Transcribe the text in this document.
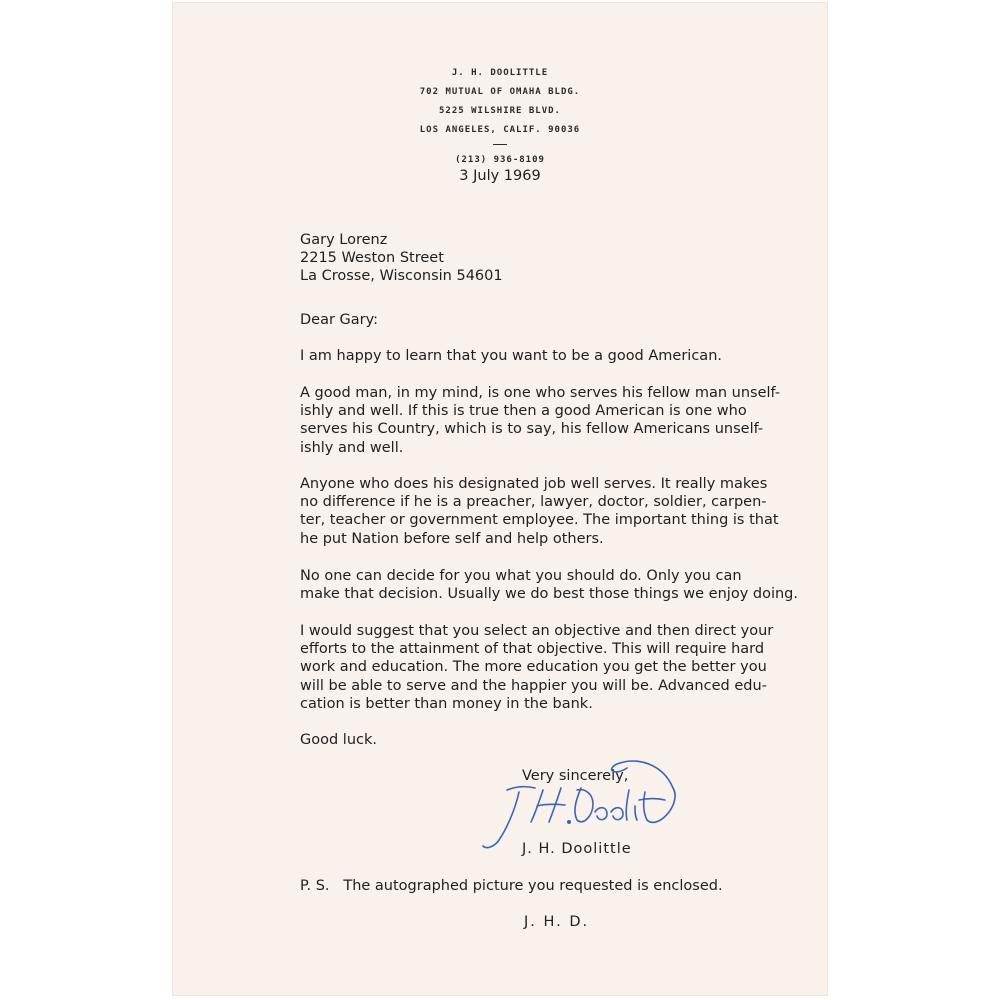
J. H. DOOLITTLE
702 MUTUAL OF OMAHA BLDG.
5225 WILSHIRE BLVD.
LOS ANGELES, CALIF. 90036
(213) 936-8109
3 July 1969
Gary Lorenz
2215 Weston Street
La Crosse, Wisconsin 54601
Dear Gary:
I am happy to learn that you want to be a good American.
A good man, in my mind, is one who serves his fellow man unself-
ishly and well. If this is true then a good American is one who
serves his Country, which is to say, his fellow Americans unself-
ishly and well.
Anyone who does his designated job well serves. It really makes
no difference if he is a preacher, lawyer, doctor, soldier, carpen-
ter, teacher or government employee. The important thing is that
he put Nation before self and help others.
No one can decide for you what you should do. Only you can
make that decision. Usually we do best those things we enjoy doing.
I would suggest that you select an objective and then direct your
efforts to the attainment of that objective. This will require hard
work and education. The more education you get the better you
will be able to serve and the happier you will be. Advanced edu-
cation is better than money in the bank.
Good luck.
Very sincerely,
J. H. Doolittle
P. S.   The autographed picture you requested is enclosed.
J. H. D.
